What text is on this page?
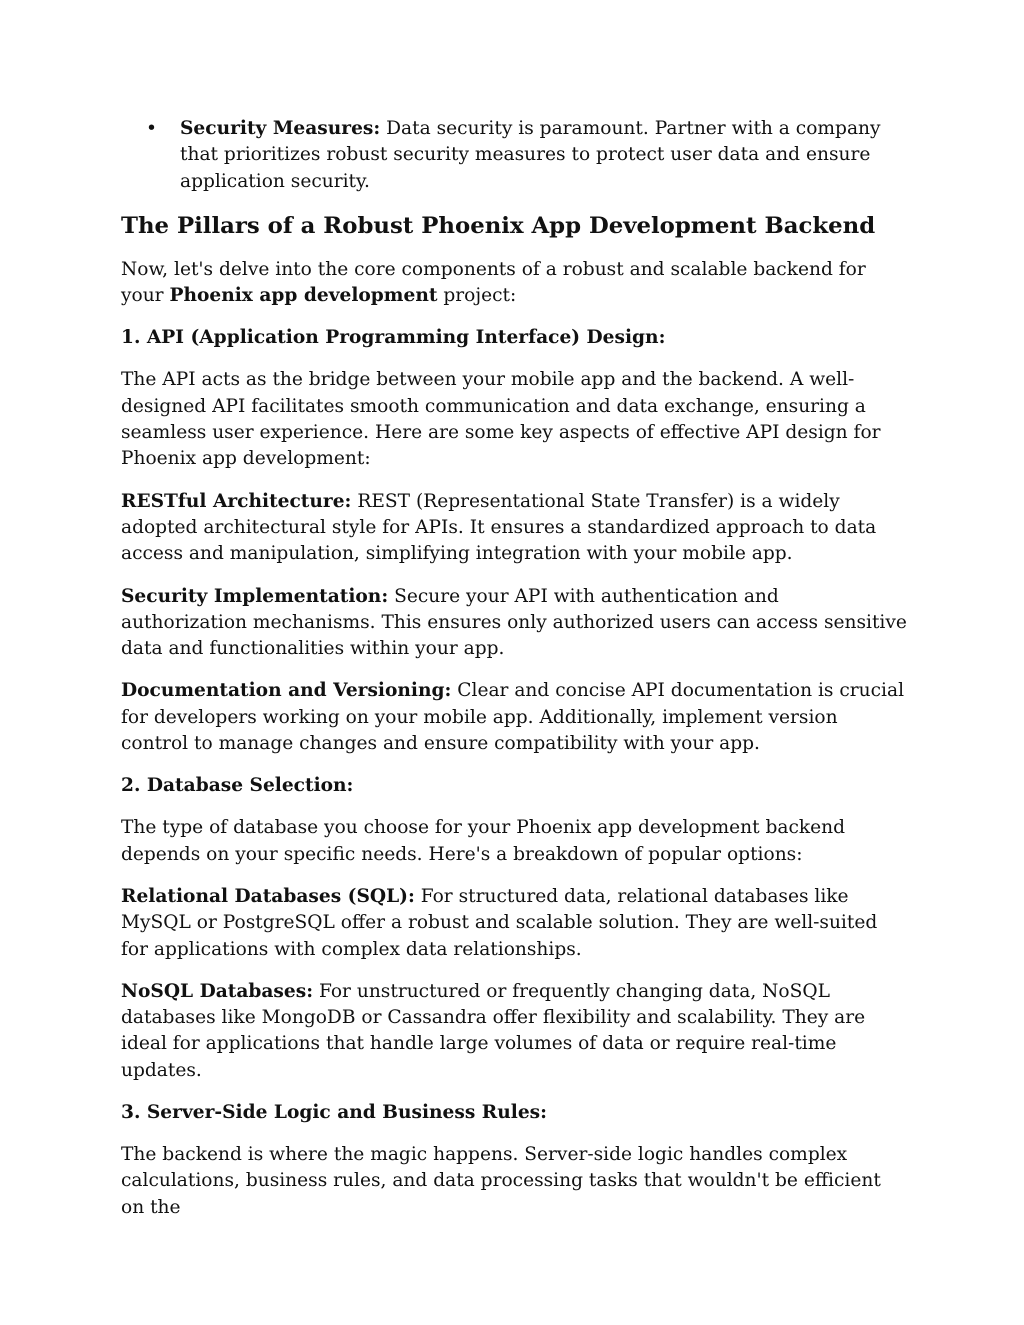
• Security Measures: Data security is paramount. Partner with a company that prioritizes robust security measures to protect user data and ensure application security.
The Pillars of a Robust Phoenix App Development Backend

Now, let's delve into the core components of a robust and scalable backend for your Phoenix app development project:

1. API (Application Programming Interface) Design:

The API acts as the bridge between your mobile app and the backend. A well-designed API facilitates smooth communication and data exchange, ensuring a seamless user experience. Here are some key aspects of effective API design for Phoenix app development:

RESTful Architecture: REST (Representational State Transfer) is a widely adopted architectural style for APIs. It ensures a standardized approach to data access and manipulation, simplifying integration with your mobile app.

Security Implementation: Secure your API with authentication and authorization mechanisms. This ensures only authorized users can access sensitive data and functionalities within your app.

Documentation and Versioning: Clear and concise API documentation is crucial for developers working on your mobile app. Additionally, implement version control to manage changes and ensure compatibility with your app.

2. Database Selection:

The type of database you choose for your Phoenix app development backend depends on your specific needs. Here's a breakdown of popular options:

Relational Databases (SQL): For structured data, relational databases like MySQL or PostgreSQL offer a robust and scalable solution. They are well-suited for applications with complex data relationships.

NoSQL Databases: For unstructured or frequently changing data, NoSQL databases like MongoDB or Cassandra offer flexibility and scalability. They are ideal for applications that handle large volumes of data or require real-time updates.

3. Server-Side Logic and Business Rules:

The backend is where the magic happens. Server-side logic handles complex calculations, business rules, and data processing tasks that wouldn't be efficient on the
